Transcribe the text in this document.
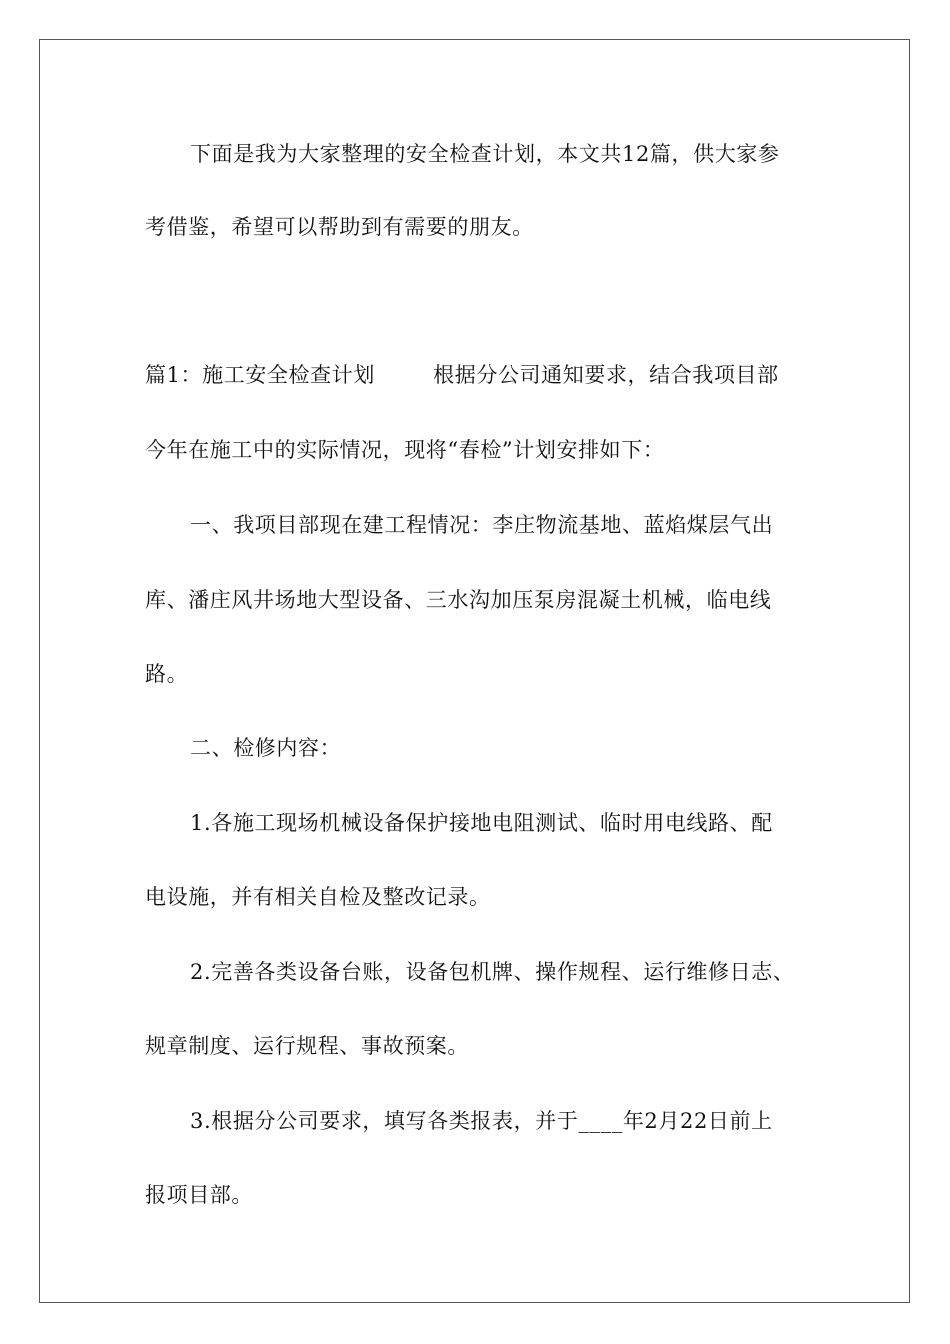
下面是我为大家整理的安全检查计划，本文共12篇，供大家参
考借鉴，希望可以帮助到有需要的朋友。
篇1：施工安全检查计划        根据分公司通知要求，结合我项目部
今年在施工中的实际情况，现将“春检”计划安排如下：
一、我项目部现在建工程情况：李庄物流基地、蓝焰煤层气出
库、潘庄风井场地大型设备、三水沟加压泵房混凝土机械，临电线
路。
二、检修内容：
1.各施工现场机械设备保护接地电阻测试、临时用电线路、配
电设施，并有相关自检及整改记录。
2.完善各类设备台账，设备包机牌、操作规程、运行维修日志、
规章制度、运行规程、事故预案。
3.根据分公司要求，填写各类报表，并于____年2月22日前上
报项目部。
